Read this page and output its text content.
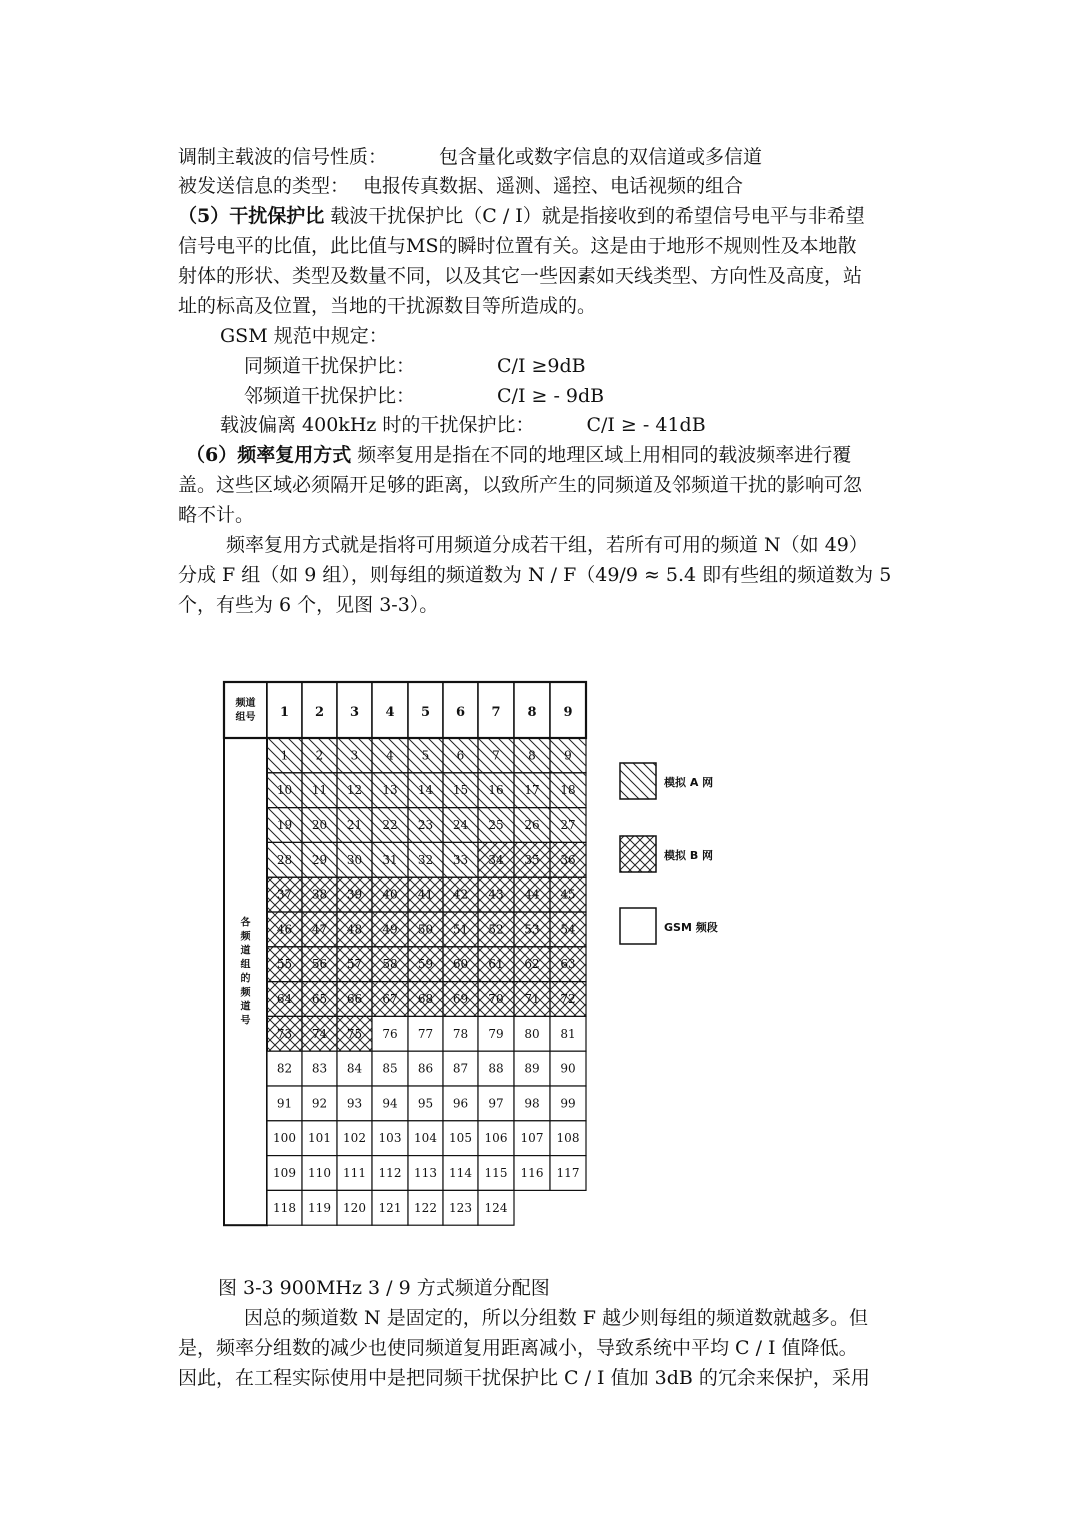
调制主载波的信号性质：	包含量化或数字信息的双信道或多信道
被发送信息的类型： 电报传真数据、遥测、遥控、电话视频的组合
（5）干扰保护比 载波干扰保护比（C / I）就是指接收到的希望信号电平与非希望
信号电平的比值，此比值与MS的瞬时位置有关。这是由于地形不规则性及本地散
射体的形状、类型及数量不同，以及其它一些因素如天线类型、方向性及高度，站
址的标高及位置，当地的干扰源数目等所造成的。
GSM 规范中规定：
同频道干扰保护比：	C/I ≥9dB
邻频道干扰保护比：	C/I ≥ - 9dB
载波偏离 400kHz 时的干扰保护比：	C/I ≥ - 41dB
（6）频率复用方式 频率复用是指在不同的地理区域上用相同的载波频率进行覆
盖。这些区域必须隔开足够的距离，以致所产生的同频道及邻频道干扰的影响可忽
略不计。
频率复用方式就是指将可用频道分成若干组，若所有可用的频道 N（如 49）
分成 F 组（如 9 组），则每组的频道数为 N / F（49/9 ≈ 5.4 即有些组的频道数为 5
个，有些为 6 个，见图 3-3）。
图 3-3 900MHz 3 / 9 方式频道分配图
因总的频道数 N 是固定的，所以分组数 F 越少则每组的频道数就越多。但
是，频率分组数的减少也使同频道复用距离减小，导致系统中平均 C / I 值降低。
因此，在工程实际使用中是把同频干扰保护比 C / I 值加 3dB 的冗余来保护，采用
频道
组号 1 2 3 4 5 6 7 8 9
各
频
道
组
的
频
道
号
1 2 3 4 5 6 7 8 9
10 11 12 13 14 15 16 17 18
19 20 21 22 23 24 25 26 27
28 29 30 31 32 33 34 35 36
37 38 39 40 41 42 43 44 45
46 47 48 49 50 51 52 53 54
55 56 57 58 59 60 61 62 63
64 65 66 67 68 69 70 71 72
73 74 75 76 77 78 79 80 81
82 83 84 85 86 87 88 89 90
91 92 93 94 95 96 97 98 99
100 101 102 103 104 105 106 107 108
109 110 111 112 113 114 115 116 117
118 119 120 121 122 123 124
模拟 A 网
模拟 B 网
GSM 频段
